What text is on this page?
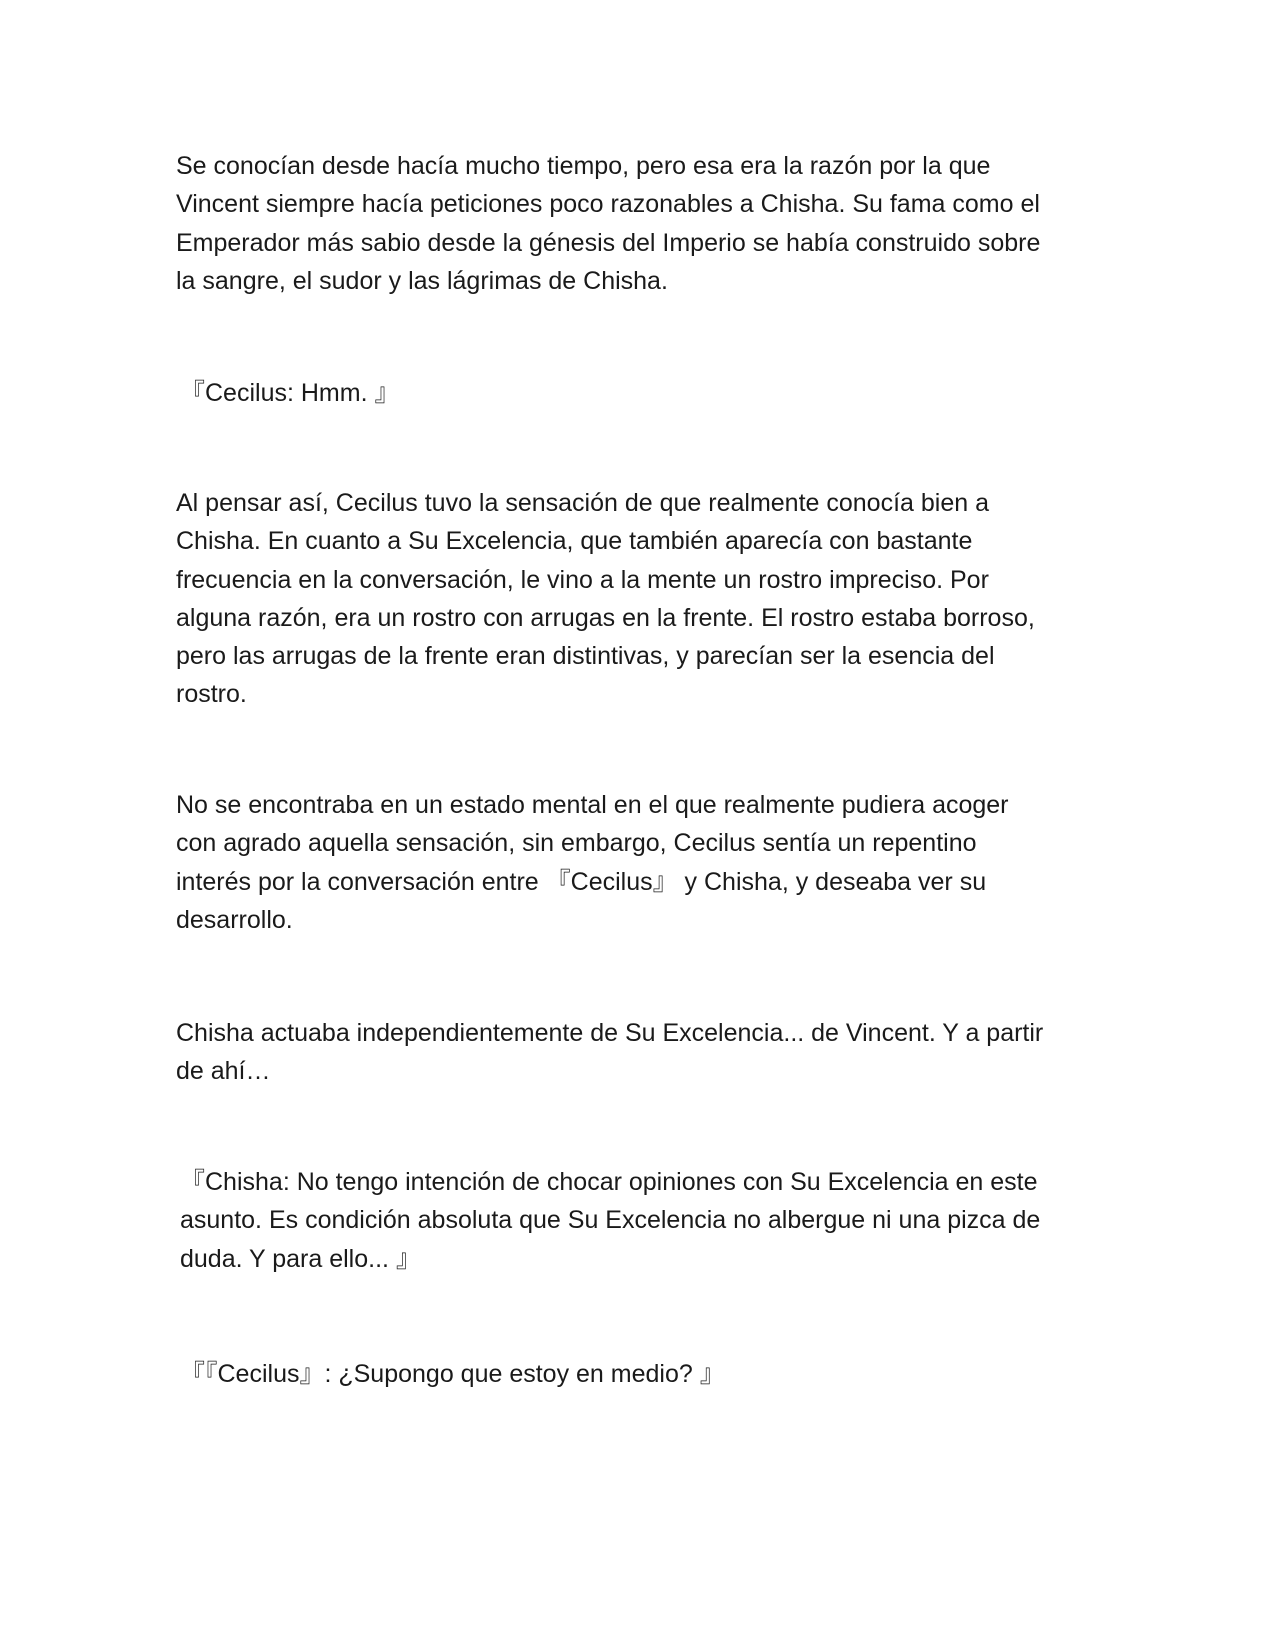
Se conocían desde hacía mucho tiempo, pero esa era la razón por la que
Vincent siempre hacía peticiones poco razonables a Chisha. Su fama como el
Emperador más sabio desde la génesis del Imperio se había construido sobre
la sangre, el sudor y las lágrimas de Chisha.

『Cecilus: Hmm. 』

Al pensar así, Cecilus tuvo la sensación de que realmente conocía bien a
Chisha. En cuanto a Su Excelencia, que también aparecía con bastante
frecuencia en la conversación, le vino a la mente un rostro impreciso. Por
alguna razón, era un rostro con arrugas en la frente. El rostro estaba borroso,
pero las arrugas de la frente eran distintivas, y parecían ser la esencia del
rostro.

No se encontraba en un estado mental en el que realmente pudiera acoger
con agrado aquella sensación, sin embargo, Cecilus sentía un repentino
interés por la conversación entre 『Cecilus』 y Chisha, y deseaba ver su
desarrollo.

Chisha actuaba independientemente de Su Excelencia... de Vincent. Y a partir
de ahí…

『Chisha: No tengo intención de chocar opiniones con Su Excelencia en este
asunto. Es condición absoluta que Su Excelencia no albergue ni una pizca de
duda. Y para ello... 』

『『Cecilus』: ¿Supongo que estoy en medio? 』
